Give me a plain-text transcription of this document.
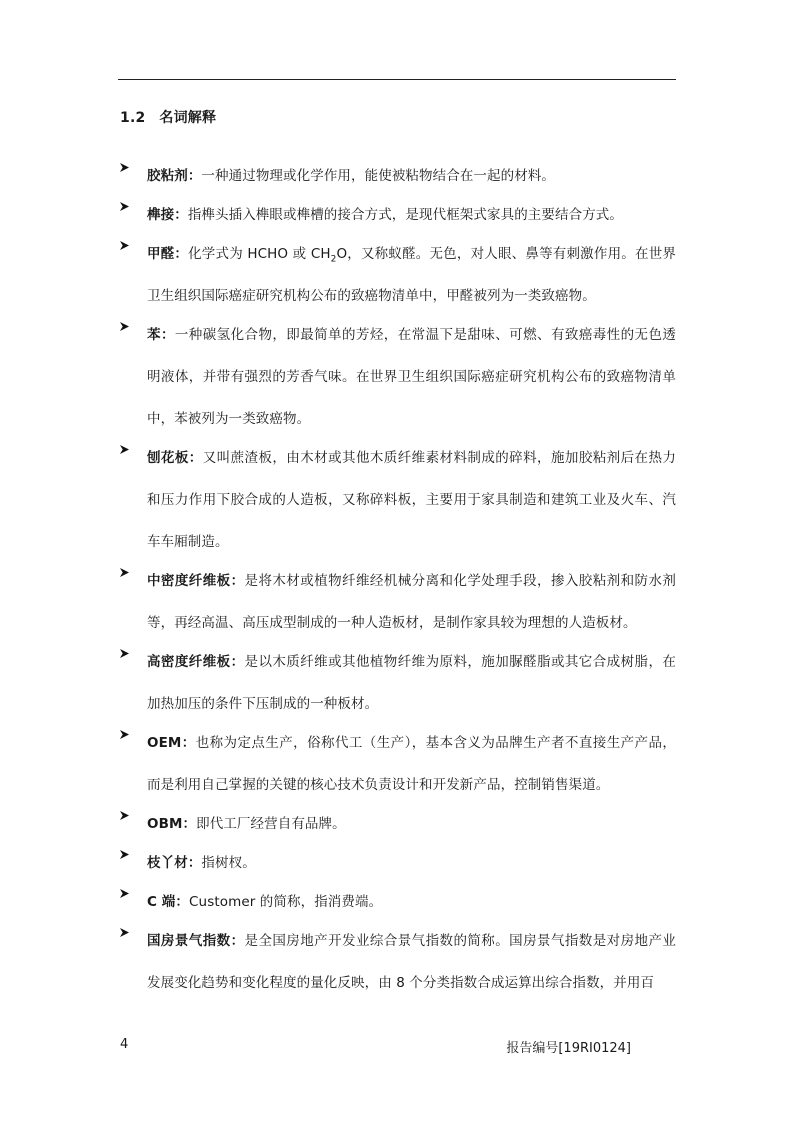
1.2 名词解释
胶粘剂：一种通过物理或化学作用，能使被粘物结合在一起的材料。
榫接：指榫头插入榫眼或榫槽的接合方式，是现代框架式家具的主要结合方式。
甲醛：化学式为 HCHO 或 $CH_2O$，又称蚁醛。无色，对人眼、鼻等有刺激作用。在世界卫生组织国际癌症研究机构公布的致癌物清单中，甲醛被列为一类致癌物。
苯：一种碳氢化合物，即最简单的芳烃，在常温下是甜味、可燃、有致癌毒性的无色透明液体，并带有强烈的芳香气味。在世界卫生组织国际癌症研究机构公布的致癌物清单中，苯被列为一类致癌物。
刨花板：又叫蔗渣板，由木材或其他木质纤维素材料制成的碎料，施加胶粘剂后在热力和压力作用下胶合成的人造板，又称碎料板，主要用于家具制造和建筑工业及火车、汽车车厢制造。
中密度纤维板：是将木材或植物纤维经机械分离和化学处理手段，掺入胶粘剂和防水剂等，再经高温、高压成型制成的一种人造板材，是制作家具较为理想的人造板材。
高密度纤维板：是以木质纤维或其他植物纤维为原料，施加脲醛脂或其它合成树脂，在加热加压的条件下压制成的一种板材。
OEM：也称为定点生产，俗称代工（生产），基本含义为品牌生产者不直接生产产品，而是利用自己掌握的关键的核心技术负责设计和开发新产品，控制销售渠道。
OBM：即代工厂经营自有品牌。
枝丫材：指树杈。
C 端：Customer 的简称，指消费端。
国房景气指数：是全国房地产开发业综合景气指数的简称。国房景气指数是对房地产业发展变化趋势和变化程度的量化反映，由 8 个分类指数合成运算出综合指数，并用百
4	报告编号[19RI0124]
